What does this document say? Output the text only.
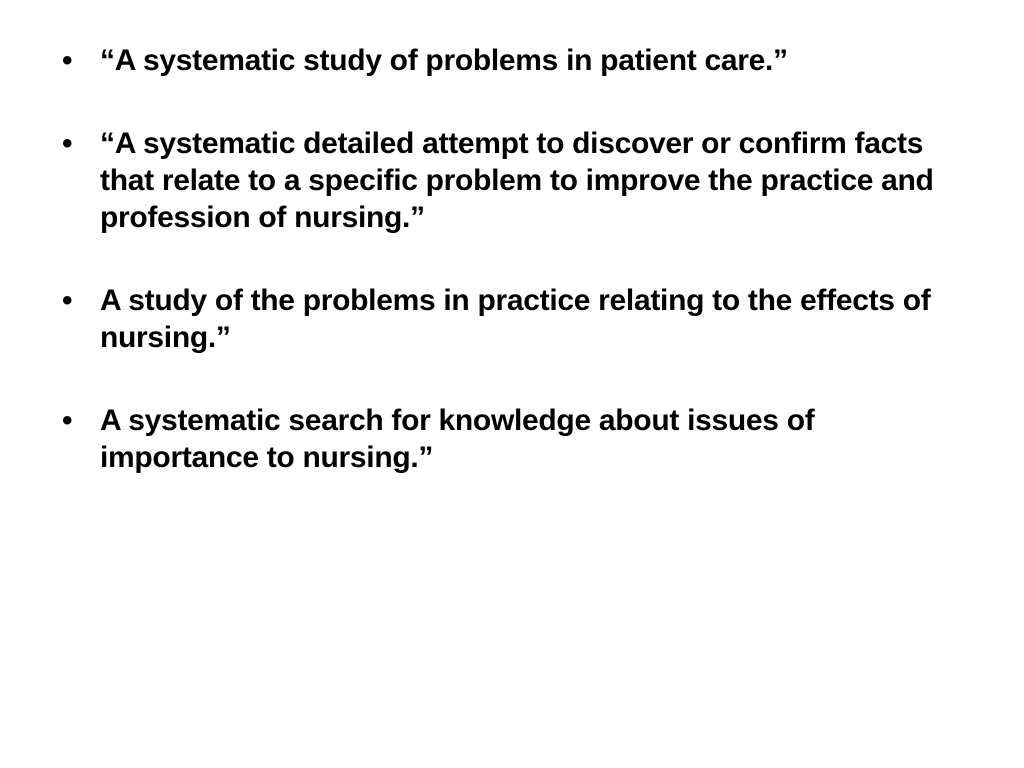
• “A systematic study of problems in patient care.”
• “A systematic detailed attempt to discover or confirm facts that relate to a specific problem to improve the practice and profession of nursing.”
• A study of the problems in practice relating to the effects of nursing.”
• A systematic search for knowledge about issues of importance to nursing.”
